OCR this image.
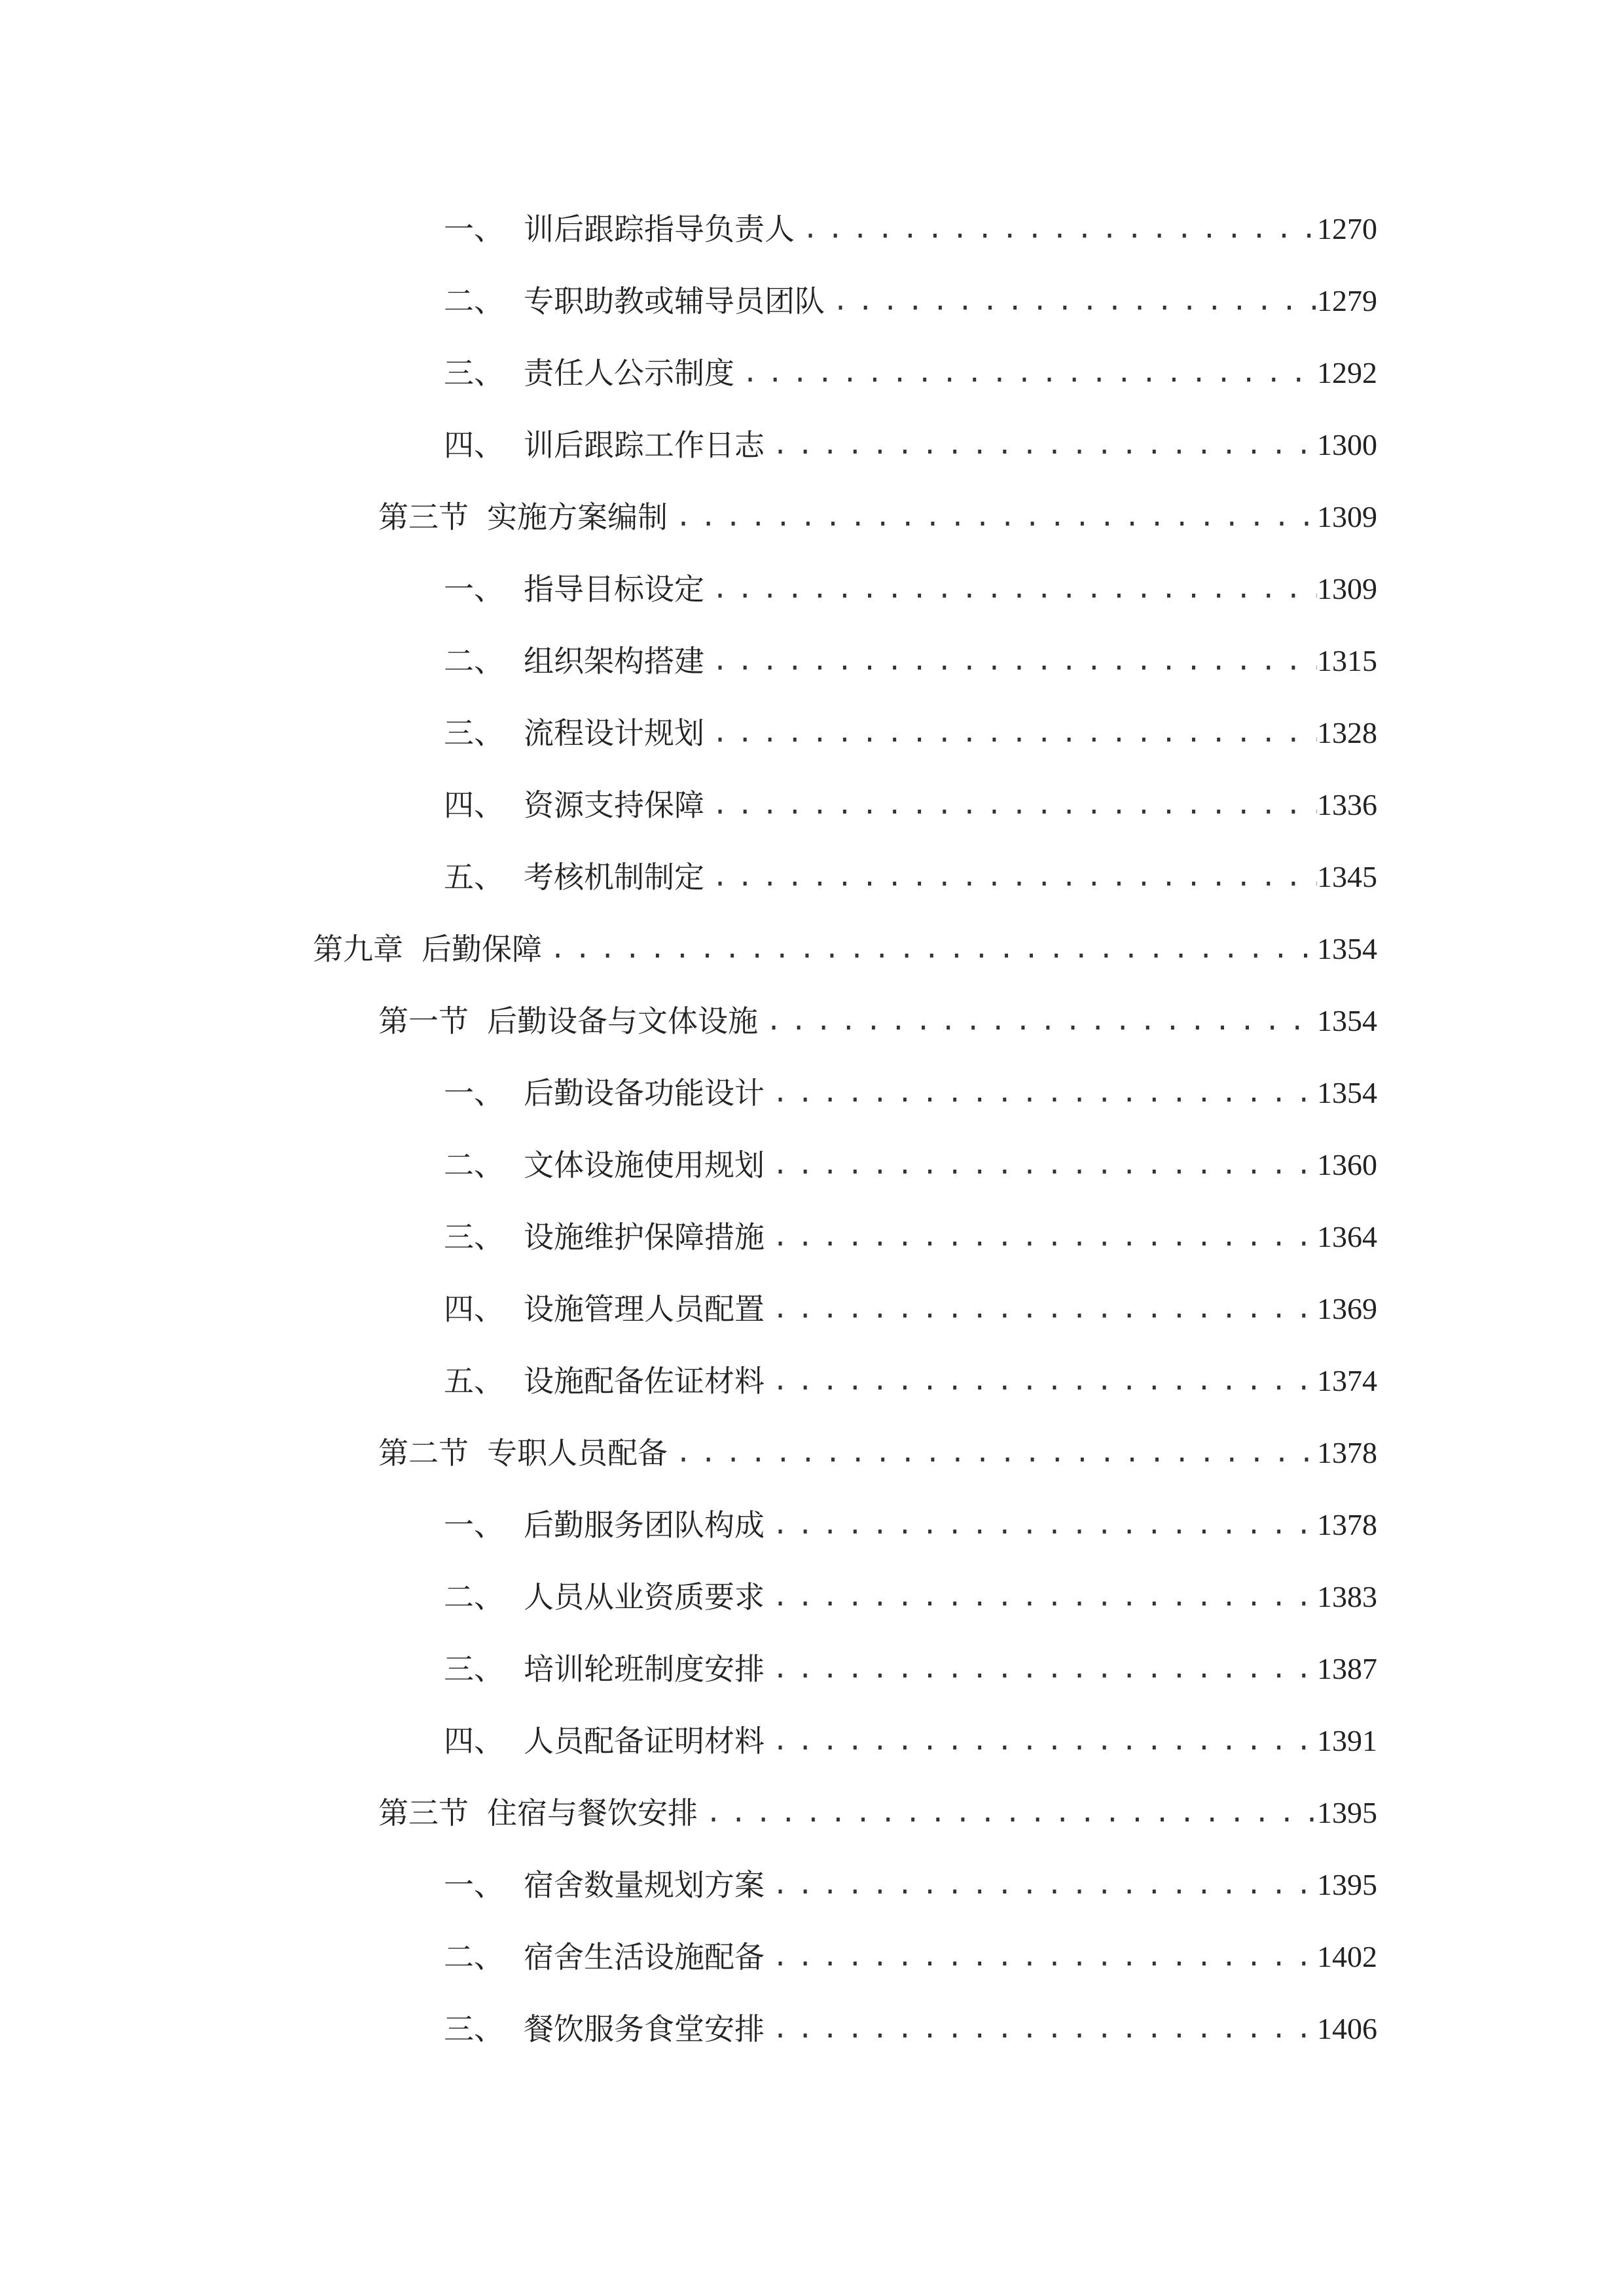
一、 训后跟踪指导负责人 .....	1270
二、 专职助教或辅导员团队 .....	1279
三、 责任人公示制度 .....	1292
四、 训后跟踪工作日志 .....	1300
第三节 实施方案编制 .....	1309
一、 指导目标设定 .....	1309
二、 组织架构搭建 .....	1315
三、 流程设计规划 .....	1328
四、 资源支持保障 .....	1336
五、 考核机制制定 .....	1345
第九章 后勤保障 .....	1354
第一节 后勤设备与文体设施 .....	1354
一、 后勤设备功能设计 .....	1354
二、 文体设施使用规划 .....	1360
三、 设施维护保障措施 .....	1364
四、 设施管理人员配置 .....	1369
五、 设施配备佐证材料 .....	1374
第二节 专职人员配备 .....	1378
一、 后勤服务团队构成 .....	1378
二、 人员从业资质要求 .....	1383
三、 培训轮班制度安排 .....	1387
四、 人员配备证明材料 .....	1391
第三节 住宿与餐饮安排 .....	1395
一、 宿舍数量规划方案 .....	1395
二、 宿舍生活设施配备 .....	1402
三、 餐饮服务食堂安排 .....	1406
